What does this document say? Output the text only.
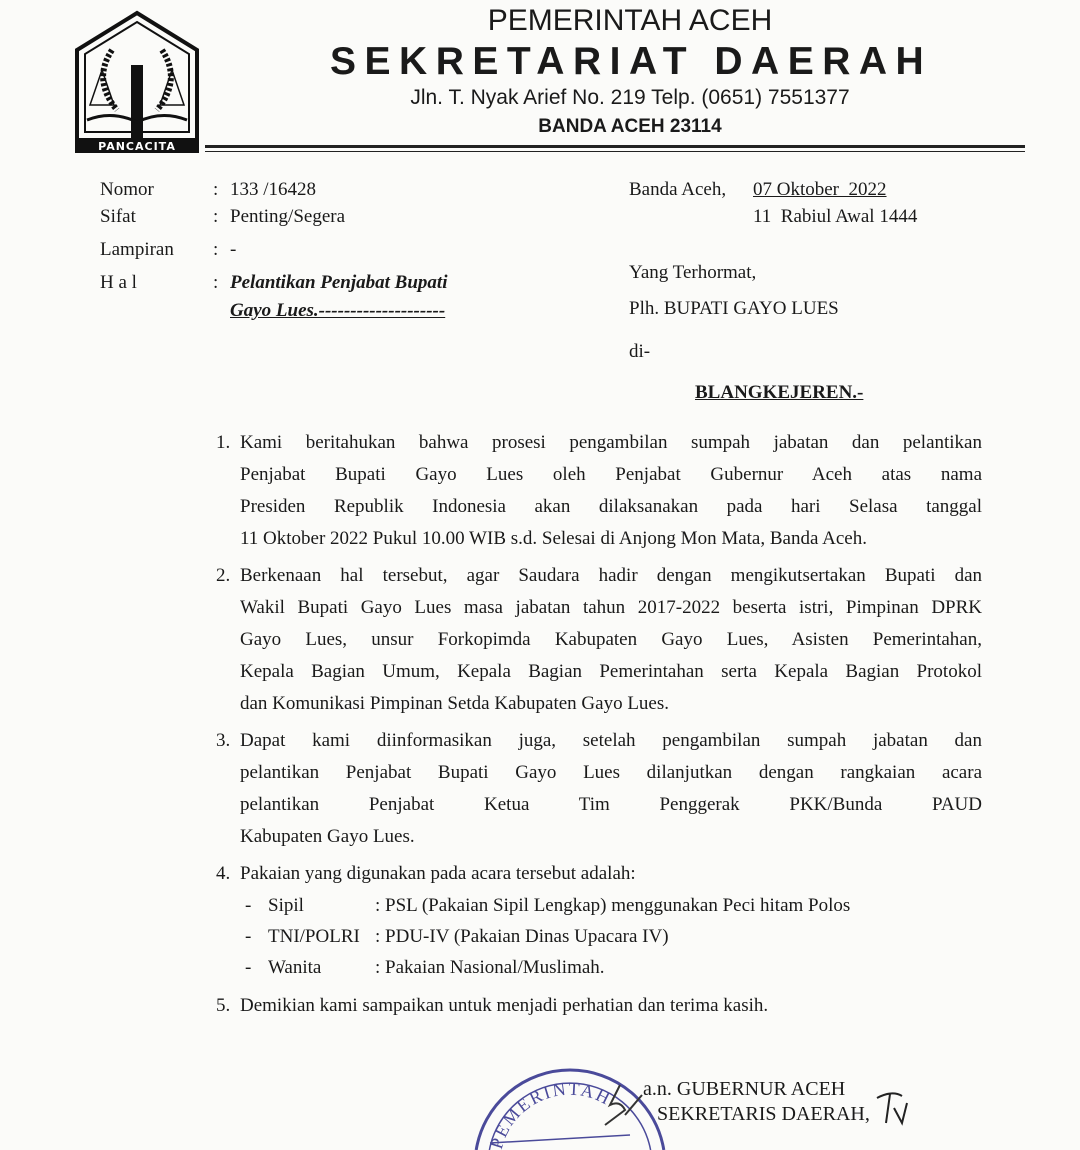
PANCACITA
PEMERINTAH ACEH
SEKRETARIAT DAERAH
Jln. T. Nyak Arief No. 219 Telp. (0651) 7551377
BANDA ACEH 23114
Nomor	: 133 /16428
Sifat	: Penting/Segera
Lampiran : -
H a l	: Pelantikan Penjabat Bupati
Gayo Lues.--------------------
Banda Aceh, 07 Oktober  2022
11  Rabiul Awal 1444
Yang Terhormat,
Plh. BUPATI GAYO LUES
di-
BLANGKEJEREN.-
1. Kami beritahukan bahwa prosesi pengambilan sumpah jabatan dan pelantikan
Penjabat Bupati Gayo Lues oleh Penjabat Gubernur Aceh atas nama
Presiden Republik Indonesia akan dilaksanakan pada hari Selasa tanggal
11 Oktober 2022 Pukul 10.00 WIB s.d. Selesai di Anjong Mon Mata, Banda Aceh.
2. Berkenaan hal tersebut, agar Saudara hadir dengan mengikutsertakan Bupati dan
Wakil Bupati Gayo Lues masa jabatan tahun 2017-2022 beserta istri, Pimpinan DPRK
Gayo Lues, unsur Forkopimda Kabupaten Gayo Lues, Asisten Pemerintahan,
Kepala Bagian Umum, Kepala Bagian Pemerintahan serta Kepala Bagian Protokol
dan Komunikasi Pimpinan Setda Kabupaten Gayo Lues.
3. Dapat kami diinformasikan juga, setelah pengambilan sumpah jabatan dan
pelantikan Penjabat Bupati Gayo Lues dilanjutkan dengan rangkaian acara
pelantikan Penjabat Ketua Tim Penggerak PKK/Bunda PAUD
Kabupaten Gayo Lues.
4. Pakaian yang digunakan pada acara tersebut adalah:
5. Demikian kami sampaikan untuk menjadi perhatian dan terima kasih.
- Sipil	: PSL (Pakaian Sipil Lengkap) menggunakan Peci hitam Polos
- TNI/POLRI : PDU-IV (Pakaian Dinas Upacara IV)
- Wanita	: Pakaian Nasional/Muslimah.
PEMERINTAH a.n. GUBERNUR ACEH
SEKRETARIS DAERAH,
